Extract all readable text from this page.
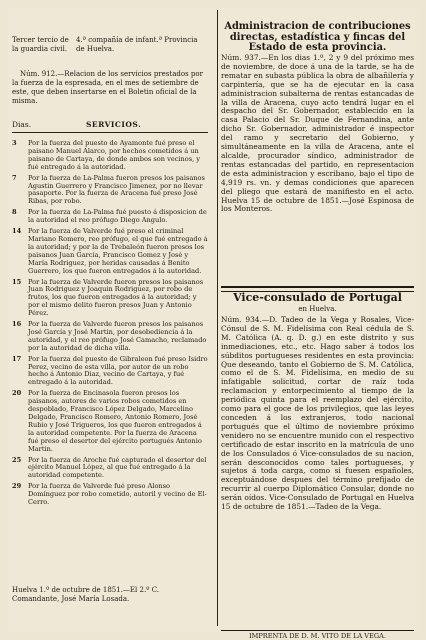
Tercer tercio de la guardia civil.
4.ª compañía de infant.ª Provincia de Huelva.

Núm. 912.—Relacion de los servicios prestados por la fuerza de la espresada, en el mes de setiembre de este, que deben insertarse en el Boletin oficial de la misma.

Dias.	SERVICIOS.
3	Por la fuerza del puesto de Ayamonte fué preso el paisano Manuel Alarco, por hechos cometidos á un paisano de Cartaya, de donde ambos son vecinos, y fué entregado á la autoridad.
7	Por la fuerza de La-Palma fueron presos los paisanos Agustin Guerrero y Francisco Jimenez, por no llevar pasaporte. Por la fuerza de Aracena fué preso José Ribas, por robo.
8	Por la fuerza de La-Palma fué puesto á disposicion de la autoridad el reo prófugo Diego Angulo.
14	Por la fuerza de Valverde fué preso el criminal Mariano Romero, reo prófugo, el que fué entregado á la autoridad; y por la de Trebaleón fueron presos los paisanos Juan García, Francisco Gomez y José y María Rodriguez, por heridas causadas á Benito Guerrero, los que fueron entregados á la autoridad.
15	Por la fuerza de Valverde fueron presos los paisanos Juan Rodriguez y Joaquin Rodriguez, por robo de frutos, los que fueron entregados á la autoridad; y por el mismo delito fueron presos Juan y Antonio Pérez.
16	Por la fuerza de Valverde fueron presos los paisanos José García y José Martin, por desobediencia á la autoridad, y el reo prófugo José Camacho, reclamado por la autoridad de dicha villa.
17	Por la fuerza del puesto de Gibraleon fué preso Isidro Perez, vecino de esta villa, por autor de un robo hecho á Antonio Diaz, vecino de Cartaya, y fué entregado á la autoridad.
20	Por la fuerza de Encinasola fueron presos los paisanos, autores de varios robos cometidos en despoblado, Francisco López Delgado, Marcelino Delgado, Francisco Romero, Antonio Romero, José Rubio y José Trigueros, los que fueron entregados á la autoridad competente. Por la fuerza de Aracena fué preso el desertor del ejército portugués Antonio Martin.
25	Por la fuerza de Aroche fué capturado el desertor del ejército Manuel López, al que fué entregado á la autoridad competente.
29	Por la fuerza de Valverde fué preso Alonso Domínguez por robo cometido, autoril y vecino de El-Cerro.

Huelva 1.º de octubre de 1851.—El 2.º C. Comandante, José María Losada.

Administracion de contribuciones directas, estadística y fincas del Estado de esta provincia.

Núm. 937.—En los dias 1.º, 2 y 9 del próximo mes de noviembre, de doce á una de la tarde, se ha de rematar en subasta pública la obra de albañilería y carpintería, que se ha de ejecutar en la casa administracion subalterna de rentas estancadas de la villa de Aracena, cuyo acto tendrá lugar en el despacho del Sr. Gobernador, establecido en la casa Palacio del Sr. Duque de Fernandina, ante dicho Sr. Gobernador, administrador é inspector del ramo y secretario del Gobierno, y simultáneamente en la villa de Aracena, ante el alcalde, procurador síndico, administrador de rentas estancadas del partido, en representacion de esta administracion y escribano, bajo el tipo de 4,919 rs. vn. y demas condiciones que aparecen del pliego que estará de manifiesto en el acto. Huelva 15 de octubre de 1851.—José Espinosa de los Monteros.

Vice-consulado de Portugal
en Huelva.

Núm. 934.—D. Tadeo de la Vega y Rosales, Vice-Cónsul de S. M. Fidelísima con Real cédula de S. M. Católica (A. q. D. g.) en este distrito y sus inmediaciones, etc., etc. Hago saber á todos los súbditos portugueses residentes en esta provincia: Que deseando, tanto el Gobierno de S. M. Católica, como el de S. M. Fidelísima, en medio de su infatigable solicitud, cortar de raíz toda reclamacion y entorpecimiento al tiempo de la periódica quinta para el reemplazo del ejército, como para el goce de los privilegios, que las leyes conceden á los extranjeros, todo nacional portugués que el último de noviembre próximo venidero no se encuentre munido con el respectivo certificado de estar inscrito en la matrícula de uno de los Consulados ó Vice-consulados de su nacion, serán desconocidos como tales portugueses, y sujetos á toda carga, como si fuesen españoles, exceptuándose despues del término prefijado de recurrir al cuerpo Diplomático Consular, donde no serán oídos. Vice-Consulado de Portugal en Huelva 15 de octubre de 1851.—Tadeo de la Vega.

IMPRENTA DE D. M. VITO DE LA VEGA.
